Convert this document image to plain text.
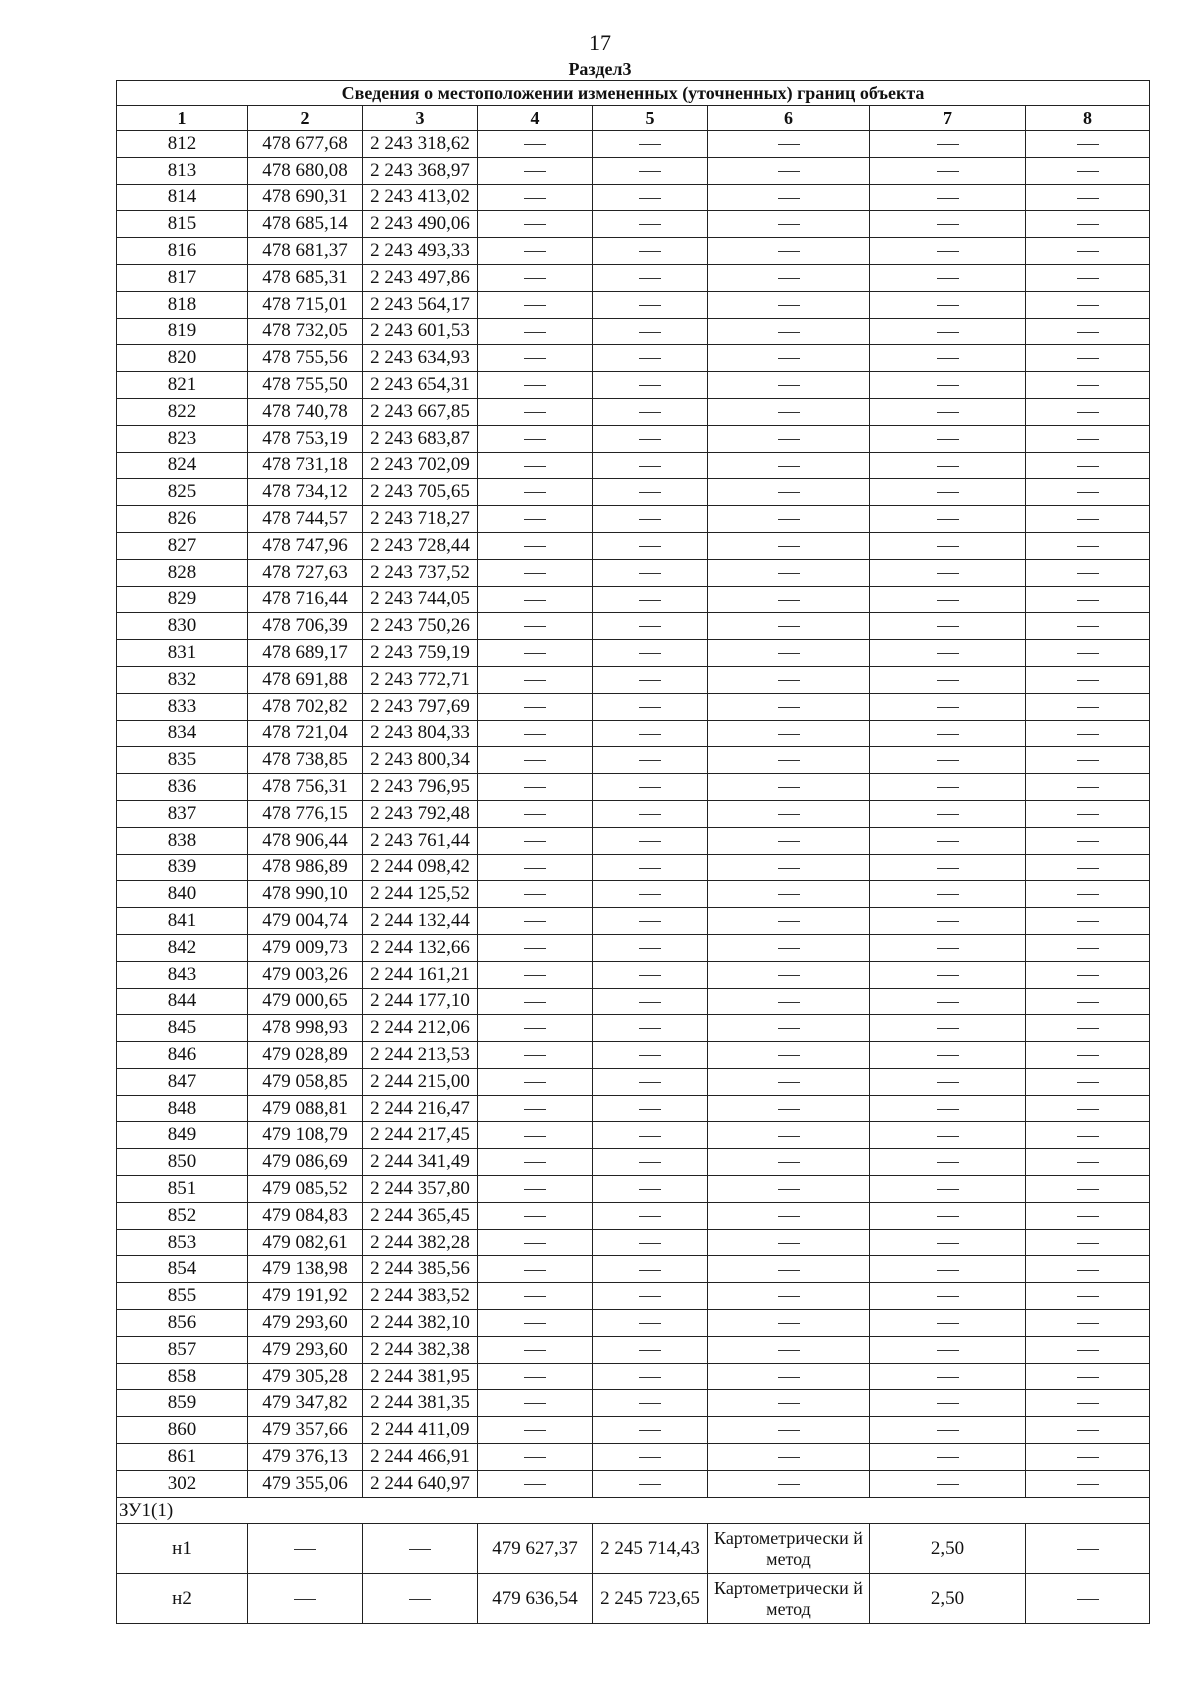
17
Раздел3
Сведения о местоположении измененных (уточненных) границ объекта							
1	2	3	4	5	6	7	8
812	478 677,68	2 243 318,62					
813	478 680,08	2 243 368,97					
814	478 690,31	2 243 413,02					
815	478 685,14	2 243 490,06					
816	478 681,37	2 243 493,33					
817	478 685,31	2 243 497,86					
818	478 715,01	2 243 564,17					
819	478 732,05	2 243 601,53					
820	478 755,56	2 243 634,93					
821	478 755,50	2 243 654,31					
822	478 740,78	2 243 667,85					
823	478 753,19	2 243 683,87					
824	478 731,18	2 243 702,09					
825	478 734,12	2 243 705,65					
826	478 744,57	2 243 718,27					
827	478 747,96	2 243 728,44					
828	478 727,63	2 243 737,52					
829	478 716,44	2 243 744,05					
830	478 706,39	2 243 750,26					
831	478 689,17	2 243 759,19					
832	478 691,88	2 243 772,71					
833	478 702,82	2 243 797,69					
834	478 721,04	2 243 804,33					
835	478 738,85	2 243 800,34					
836	478 756,31	2 243 796,95					
837	478 776,15	2 243 792,48					
838	478 906,44	2 243 761,44					
839	478 986,89	2 244 098,42					
840	478 990,10	2 244 125,52					
841	479 004,74	2 244 132,44					
842	479 009,73	2 244 132,66					
843	479 003,26	2 244 161,21					
844	479 000,65	2 244 177,10					
845	478 998,93	2 244 212,06					
846	479 028,89	2 244 213,53					
847	479 058,85	2 244 215,00					
848	479 088,81	2 244 216,47					
849	479 108,79	2 244 217,45					
850	479 086,69	2 244 341,49					
851	479 085,52	2 244 357,80					
852	479 084,83	2 244 365,45					
853	479 082,61	2 244 382,28					
854	479 138,98	2 244 385,56					
855	479 191,92	2 244 383,52					
856	479 293,60	2 244 382,10					
857	479 293,60	2 244 382,38					
858	479 305,28	2 244 381,95					
859	479 347,82	2 244 381,35					
860	479 357,66	2 244 411,09					
861	479 376,13	2 244 466,91					
302	479 355,06	2 244 640,97					
ЗУ1(1)							
н1			479 627,37	2 245 714,43	Картометрически й метод	2,50	
н2			479 636,54	2 245 723,65	Картометрически й метод	2,50	
